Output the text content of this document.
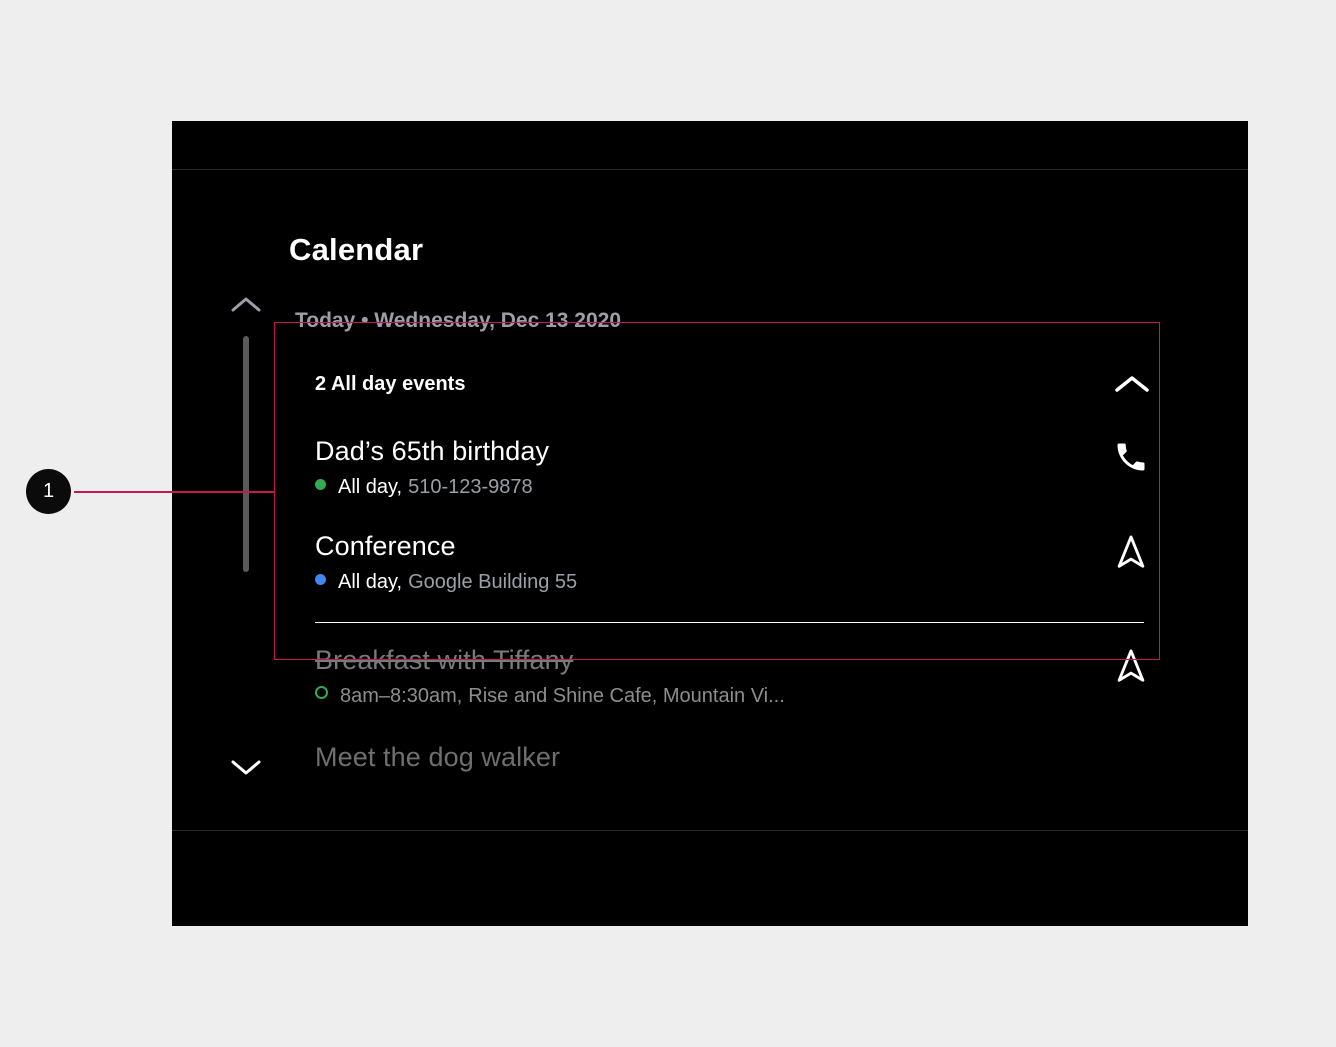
Calendar
Today • Wednesday, Dec 13 2020
2 All day events
Dad’s 65th birthday
All day, 510-123-9878
Conference
All day, Google Building 55
Breakfast with Tiffany
8am–8:30am, Rise and Shine Cafe, Mountain Vi...
Meet the dog walker
1
